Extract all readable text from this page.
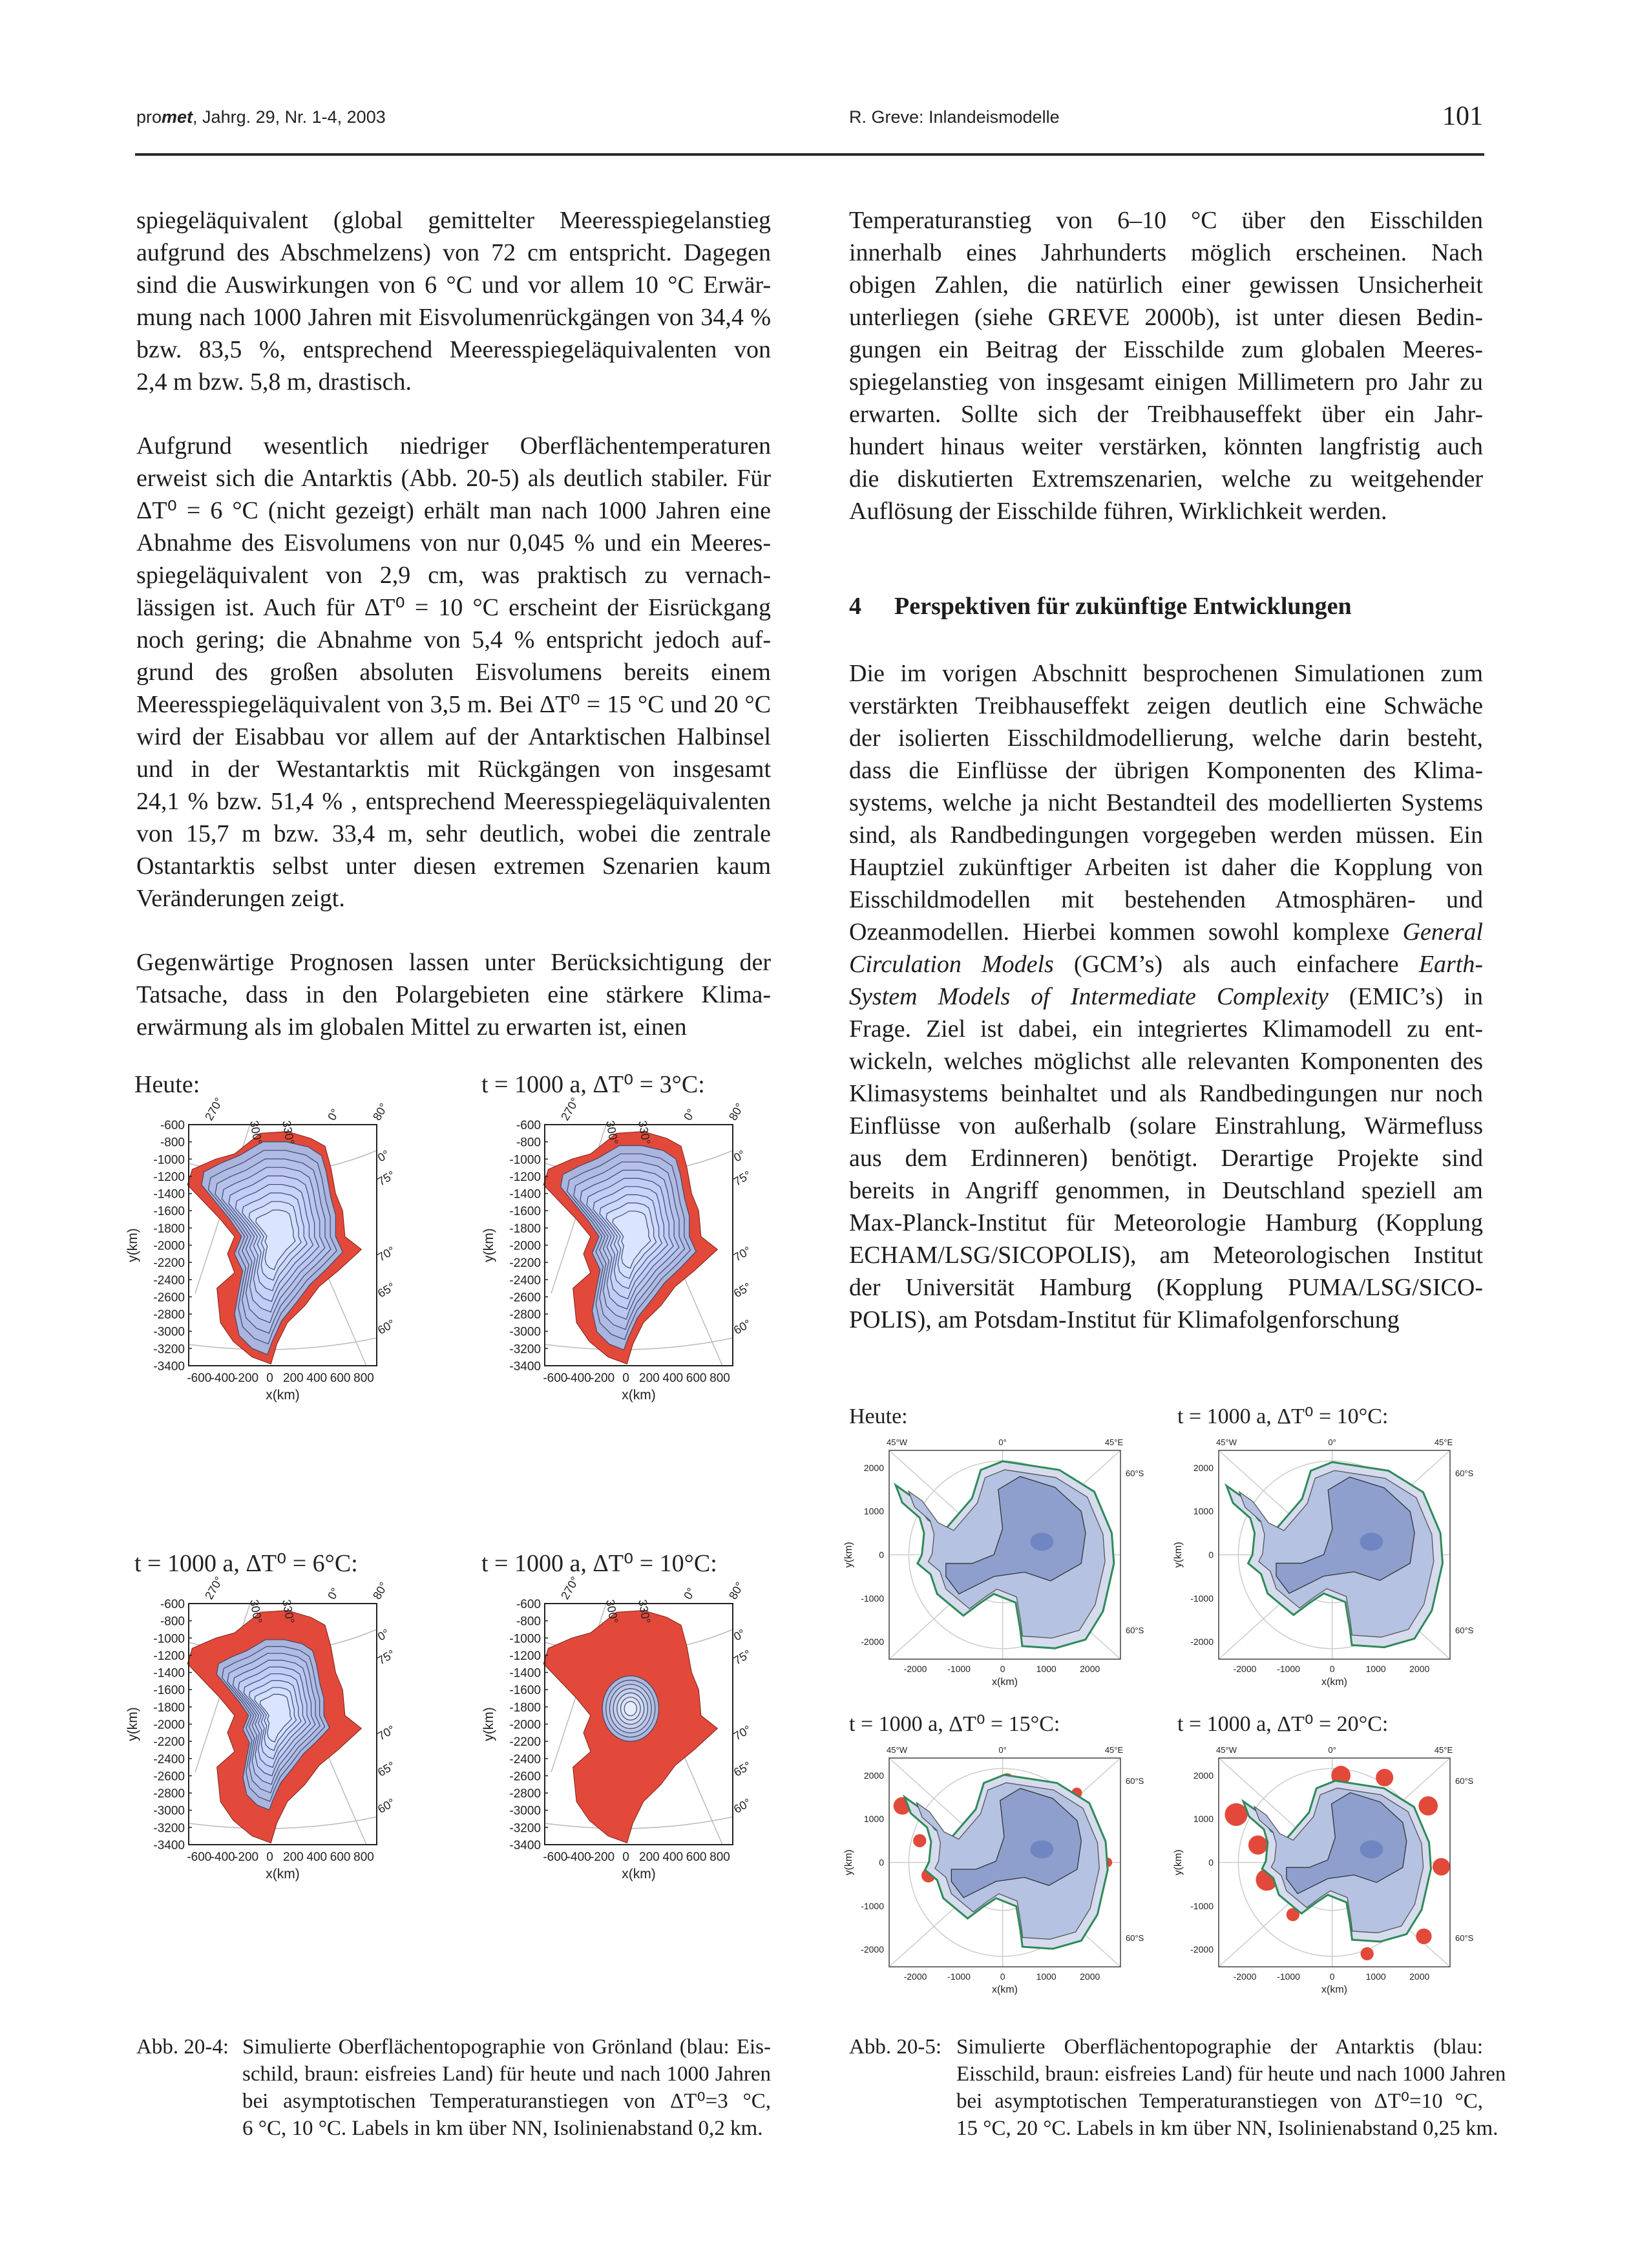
promet, Jahrg. 29, Nr. 1-4, 2003	R. Greve: Inlandeismodelle	101
spiegeläquivalent (global gemittelter Meeresspiegelanstieg
aufgrund des Abschmelzens) von 72 cm entspricht. Dagegen
sind die Auswirkungen von 6 °C und vor allem 10 °C Erwär-
mung nach 1000 Jahren mit Eisvolumenrückgängen von 34,4 %
bzw. 83,5 %, entsprechend Meeresspiegeläquivalenten von
2,4 m bzw. 5,8 m, drastisch.
Aufgrund wesentlich niedriger Oberflächentemperaturen
erweist sich die Antarktis (Abb. 20-5) als deutlich stabiler. Für
ΔT⁰ = 6 °C (nicht gezeigt) erhält man nach 1000 Jahren eine
Abnahme des Eisvolumens von nur 0,045 % und ein Meeres-
spiegeläquivalent von 2,9 cm, was praktisch zu vernach-
lässigen ist. Auch für ΔT⁰ = 10 °C erscheint der Eisrückgang
noch gering; die Abnahme von 5,4 % entspricht jedoch auf-
grund des großen absoluten Eisvolumens bereits einem
Meeresspiegeläquivalent von 3,5 m. Bei ΔT⁰ = 15 °C und 20 °C
wird der Eisabbau vor allem auf der Antarktischen Halbinsel
und in der Westantarktis mit Rückgängen von insgesamt
24,1 % bzw. 51,4 % , entsprechend Meeresspiegeläquivalenten
von 15,7 m bzw. 33,4 m, sehr deutlich, wobei die zentrale
Ostantarktis selbst unter diesen extremen Szenarien kaum
Veränderungen zeigt.
Gegenwärtige Prognosen lassen unter Berücksichtigung der
Tatsache, dass in den Polargebieten eine stärkere Klima-
erwärmung als im globalen Mittel zu erwarten ist, einen
Temperaturanstieg von 6–10 °C über den Eisschilden
innerhalb eines Jahrhunderts möglich erscheinen. Nach
obigen Zahlen, die natürlich einer gewissen Unsicherheit
unterliegen (siehe GREVE 2000b), ist unter diesen Bedin-
gungen ein Beitrag der Eisschilde zum globalen Meeres-
spiegelanstieg von insgesamt einigen Millimetern pro Jahr zu
erwarten. Sollte sich der Treibhauseffekt über ein Jahr-
hundert hinaus weiter verstärken, könnten langfristig auch
die diskutierten Extremszenarien, welche zu weitgehender
Auflösung der Eisschilde führen, Wirklichkeit werden.
4 Perspektiven für zukünftige Entwicklungen
Die im vorigen Abschnitt besprochenen Simulationen zum
verstärkten Treibhauseffekt zeigen deutlich eine Schwäche
der isolierten Eisschildmodellierung, welche darin besteht,
dass die Einflüsse der übrigen Komponenten des Klima-
systems, welche ja nicht Bestandteil des modellierten Systems
sind, als Randbedingungen vorgegeben werden müssen. Ein
Hauptziel zukünftiger Arbeiten ist daher die Kopplung von
Eisschildmodellen mit bestehenden Atmosphären- und
Ozeanmodellen. Hierbei kommen sowohl komplexe General
Circulation Models (GCM’s) als auch einfachere Earth-
System Models of Intermediate Complexity (EMIC’s) in
Frage. Ziel ist dabei, ein integriertes Klimamodell zu ent-
wickeln, welches möglichst alle relevanten Komponenten des
Klimasystems beinhaltet und als Randbedingungen nur noch
Einflüsse von außerhalb (solare Einstrahlung, Wärmefluss
aus dem Erdinneren) benötigt. Derartige Projekte sind
bereits in Angriff genommen, in Deutschland speziell am
Max-Planck-Institut für Meteorologie Hamburg (Kopplung
ECHAM/LSG/SICOPOLIS), am Meteorologischen Institut
der Universität Hamburg (Kopplung PUMA/LSG/SICO-
POLIS), am Potsdam-Institut für Klimafolgenforschung
Heute:
-600
-800
-1000
-1200
-1400
-1600
-1800
-2000
-2200
-2400
-2600
-2800
-3000
-3200
-3400
-600
-400
-200 0 200 400 600 800
x(km)
y(km)
270°
300° 330°
0° 80°
0°
75°
70°
65°
60°
t = 1000 a, ΔT⁰ = 3°C:
-600
-800
-1000
-1200
-1400
-1600
-1800
-2000
-2200
-2400
-2600
-2800
-3000
-3200
-3400
-600
-400
-200 0 200 400 600 800
x(km)
y(km)
270°
300° 330°
0° 80°
0°
75°
70°
65°
60°
t = 1000 a, ΔT⁰ = 6°C:
-600
-800
-1000
-1200
-1400
-1600
-1800
-2000
-2200
-2400
-2600
-2800
-3000
-3200
-3400
-600
-400
-200 0 200 400 600 800
x(km)
y(km)
270°
300° 330°
0° 80°
0°
75°
70°
65°
60°
t = 1000 a, ΔT⁰ = 10°C:
-600
-800
-1000
-1200
-1400
-1600
-1800
-2000
-2200
-2400
-2600
-2800
-3000
-3200
-3400
-600
-400
-200 0 200 400 600 800
x(km)
y(km)
270°
300° 330°
0° 80°
0°
75°
70°
65°
60°
Heute:
2000
1000
0
-1000
-2000
-2000 -1000	0	1000	2000
x(km)
y(km)
45°W	0°	45°E
60°S
60°S
t = 1000 a, ΔT⁰ = 10°C:
2000
1000
0
-1000
-2000
-2000 -1000	0	1000	2000
x(km)
y(km)
45°W	0°	45°E
60°S
60°S
t = 1000 a, ΔT⁰ = 15°C:
2000
1000
0
-1000
-2000
-2000 -1000	0	1000	2000
x(km)
y(km)
45°W	0°	45°E
60°S
60°S
t = 1000 a, ΔT⁰ = 20°C:
2000
1000
0
-1000
-2000
-2000 -1000	0	1000	2000
x(km)
y(km)
45°W	0°	45°E
60°S
60°S
Abb. 20-4: Simulierte Oberflächentopographie von Grönland (blau: Eis-
schild, braun: eisfreies Land) für heute und nach 1000 Jahren
bei asymptotischen Temperaturanstiegen von ΔT⁰=3 °C,
6 °C, 10 °C. Labels in km über NN, Isolinienabstand 0,2 km.
Abb. 20-5: Simulierte Oberflächentopographie der Antarktis (blau:
Eisschild, braun: eisfreies Land) für heute und nach 1000 Jahren
bei asymptotischen Temperaturanstiegen von ΔT⁰=10 °C,
15 °C, 20 °C. Labels in km über NN, Isolinienabstand 0,25 km.
